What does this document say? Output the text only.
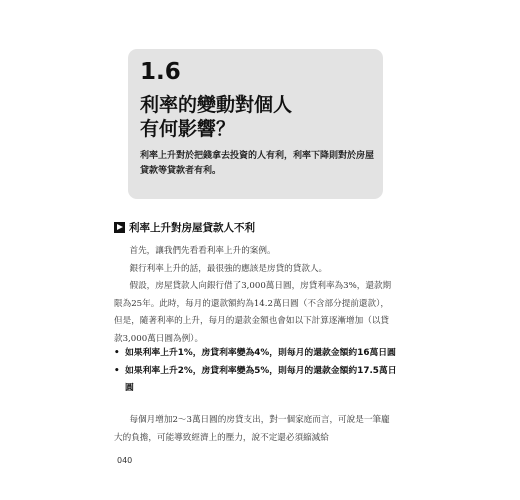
1.6
利率的變動對個人
有何影響？
利率上升對於把錢拿去投資的人有利，利率下降則對於房屋貸款等貸款者有利。
利率上升對房屋貸款人不利

首先，讓我們先看看利率上升的案例。

銀行利率上升的話，最很強的應該是房貸的貸款人。

假設，房屋貸款人向銀行借了3,000萬日圓，房貸利率為3%，還款期限為25年。此時，每月的還款額約為14.2萬日圓（不含部分提前還款），但是，隨著利率的上升，每月的還款金額也會如以下計算逐漸增加（以貸款3,000萬日圓為例）。

• 如果利率上升1%，房貸利率變為4%，則每月的還款金額約16萬日圓
• 如果利率上升2%，房貸利率變為5%，則每月的還款金額約17.5萬日圓

每個月增加2～3萬日圓的房貸支出，對一個家庭而言，可說是一筆龐大的負擔，可能導致經濟上的壓力，說不定還必須縮減給

040
